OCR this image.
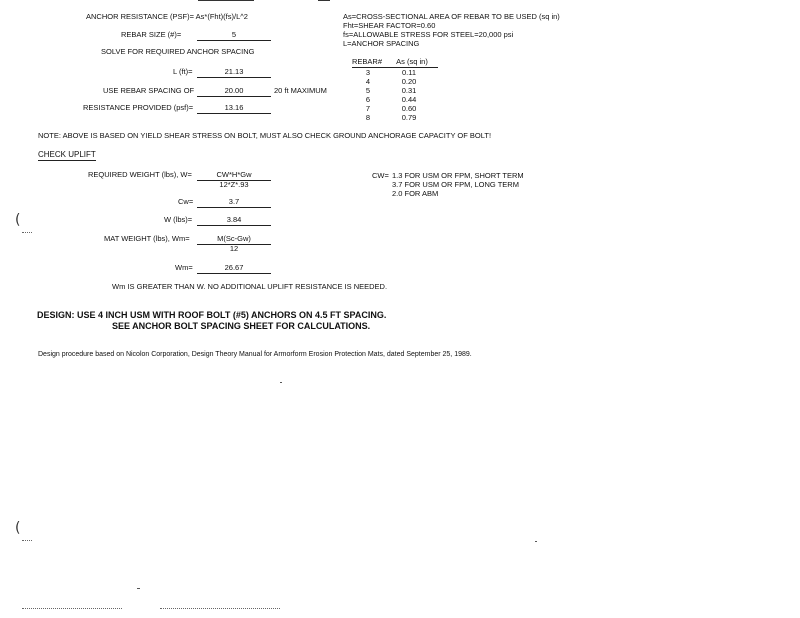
ANCHOR RESISTANCE (PSF)= As*(Fht)(fs)/L^2
REBAR SIZE (#)=	5
SOLVE FOR REQUIRED ANCHOR SPACING
L (ft)=	21.13
USE REBAR SPACING OF	20.00	20 ft MAXIMUM
RESISTANCE PROVIDED (psf)=	13.16
As=CROSS-SECTIONAL AREA OF REBAR TO BE USED (sq in)
Fht=SHEAR FACTOR=0.60
fs=ALLOWABLE STRESS FOR STEEL=20,000 psi
L=ANCHOR SPACING
REBAR#	As (sq in)
3	0.11
4	0.20
5	0.31
6	0.44
7	0.60
8	0.79
NOTE: ABOVE IS BASED ON YIELD SHEAR STRESS ON BOLT, MUST ALSO CHECK GROUND ANCHORAGE CAPACITY OF BOLT!
CHECK UPLIFT
REQUIRED WEIGHT (lbs), W=	CW*H*Gw
12*Z*.93
Cw=	3.7
W (lbs)=	3.84
MAT WEIGHT (lbs), Wm=	M(Sc-Gw)
12
Wm=	26.67
Wm IS GREATER THAN W. NO ADDITIONAL UPLIFT RESISTANCE IS NEEDED.
CW= 1.3 FOR USM OR FPM, SHORT TERM
3.7 FOR USM OR FPM, LONG TERM
2.0 FOR ABM
DESIGN: USE 4 INCH USM WITH ROOF BOLT (#5) ANCHORS ON 4.5 FT SPACING.
SEE ANCHOR BOLT SPACING SHEET FOR CALCULATIONS.
Design procedure based on Nicolon Corporation, Design Theory Manual for Armorform Erosion Protection Mats, dated September 25, 1989.
(
(
